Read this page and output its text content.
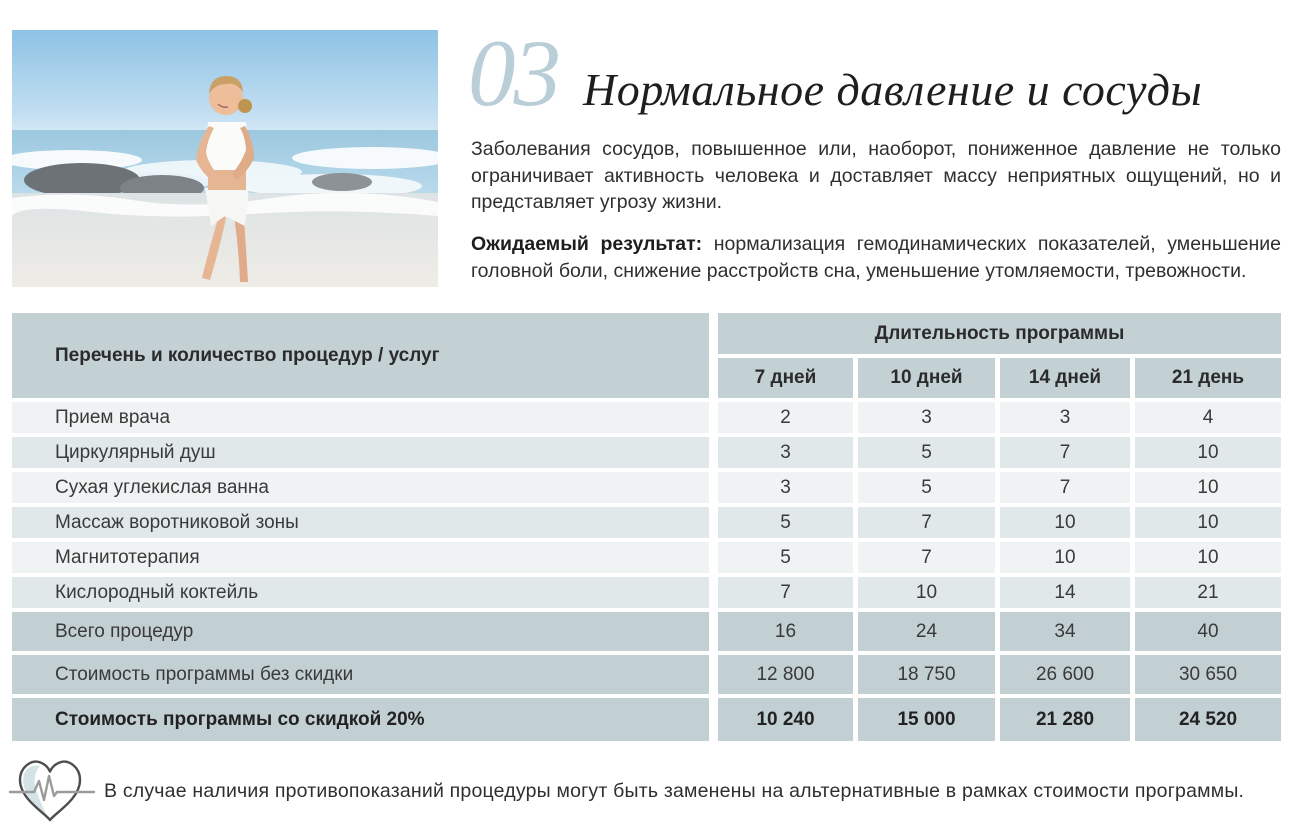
03 Нормальное давление и сосуды
Заболевания сосудов, повышенное или, наоборот, пониженное давление не только ограничивает активность человека и доставляет массу неприятных ощущений, но и представляет угрозу жизни.
Ожидаемый результат: нормализация гемодинамических показателей, уменьшение головной боли, снижение расстройств сна, уменьшение утомляемости, тревожности.
Перечень и количество процедур / услуг
Длительность программы
7 дней	10 дней	14 дней	21 день
Прием врача	2	3	3	4
Циркулярный душ	3	5	7	10
Сухая углекислая ванна	3	5	7	10
Массаж воротниковой зоны	5	7	10	10
Магнитотерапия	5	7	10	10
Кислородный коктейль	7	10	14	21
Всего процедур	16	24	34	40
Стоимость программы без скидки	12 800	18 750	26 600	30 650
Стоимость программы со скидкой 20%	10 240	15 000	21 280	24 520
В случае наличия противопоказаний процедуры могут быть заменены на альтернативные в рамках стоимости программы.
